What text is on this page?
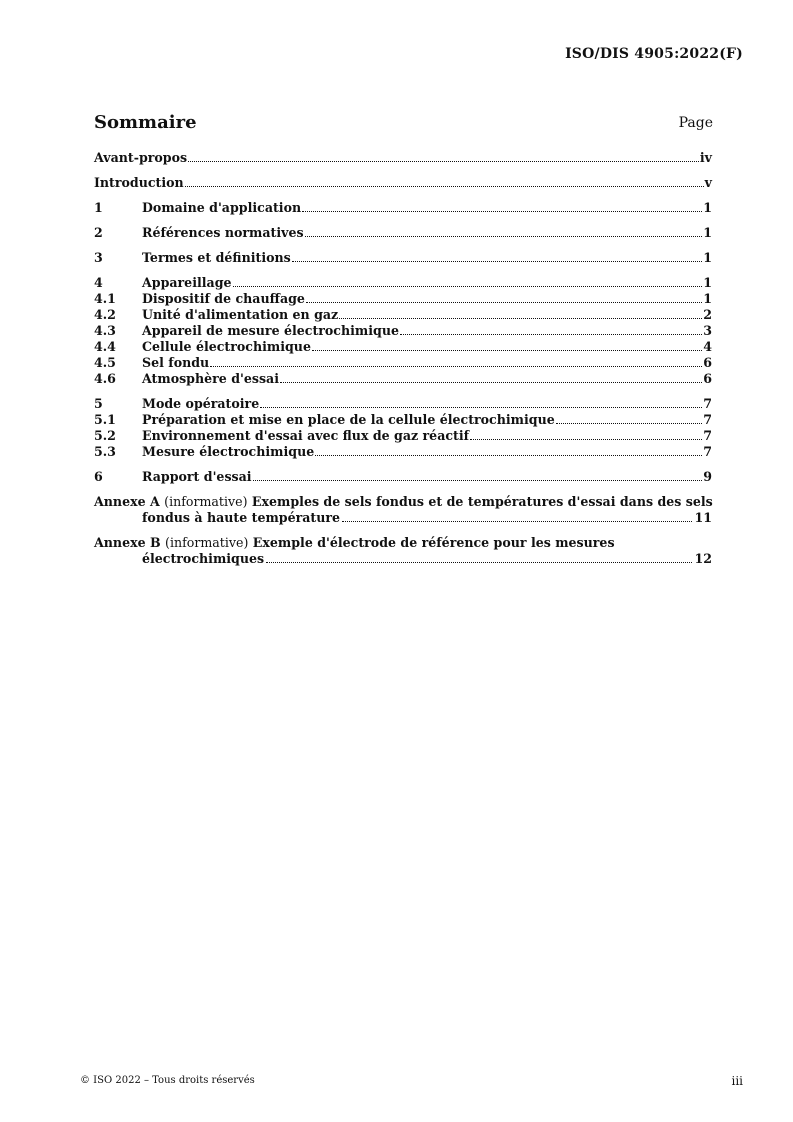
ISO/DIS 4905:2022(F)
Sommaire	Page
Avant-propos	iv
Introduction	v
1	Domaine d'application	1
2	Références normatives	1
3	Termes et définitions	1
4	Appareillage	1
4.1	Dispositif de chauffage	1
4.2	Unité d'alimentation en gaz	2
4.3	Appareil de mesure électrochimique	3
4.4	Cellule électrochimique	4
4.5	Sel fondu	6
4.6	Atmosphère d'essai	6
5	Mode opératoire	7
5.1	Préparation et mise en place de la cellule électrochimique	7
5.2	Environnement d'essai avec flux de gaz réactif	7
5.3	Mesure électrochimique	7
6	Rapport d'essai	9
Annexe A (informative) Exemples de sels fondus et de températures d'essai dans des sels
fondus à haute température	11
Annexe B (informative) Exemple d'électrode de référence pour les mesures
électrochimiques	12
© ISO 2022 – Tous droits réservés	iii
